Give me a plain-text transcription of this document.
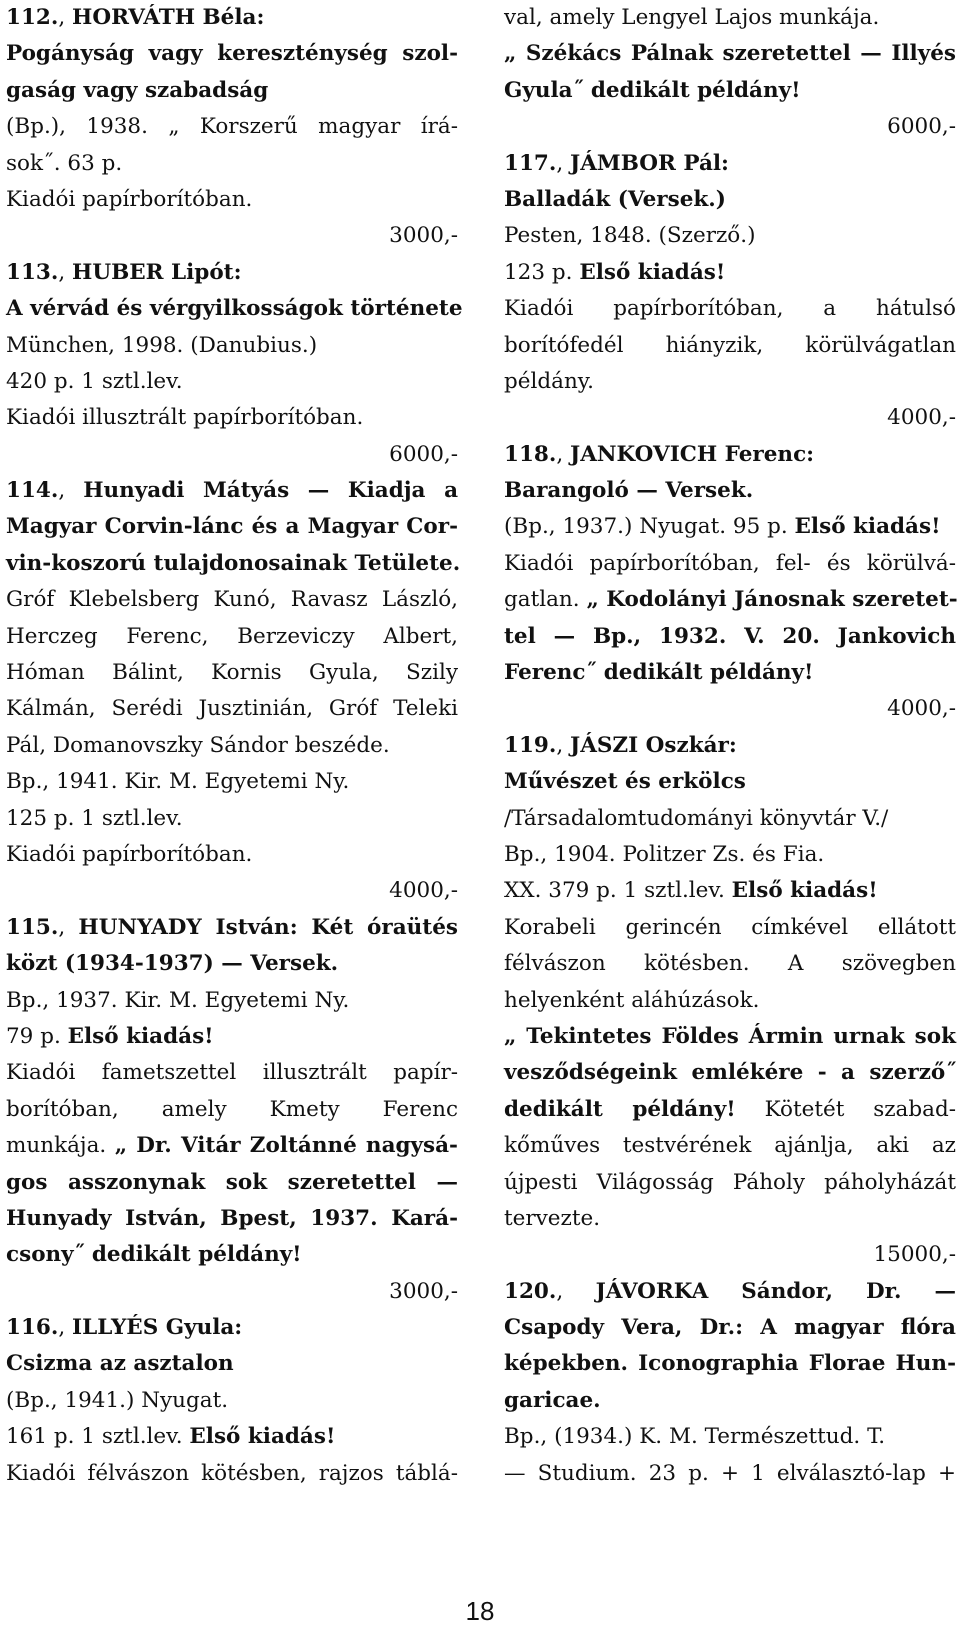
112., HORVÁTH Béla:
Pogányság vagy kereszténység szol-
gaság vagy szabadság
(Bp.), 1938. „ Korszerű magyar írá-
sok˝. 63 p.
Kiadói papírborítóban.
3000,-
113., HUBER Lipót:
A vérvád és vérgyilkosságok története
München, 1998. (Danubius.)
420 p. 1 sztl.lev.
Kiadói illusztrált papírborítóban.
6000,-
114., Hunyadi Mátyás — Kiadja a
Magyar Corvin-lánc és a Magyar Cor-
vin-koszorú tulajdonosainak Tetülete.
Gróf Klebelsberg Kunó, Ravasz László,
Herczeg Ferenc, Berzeviczy Albert,
Hóman Bálint, Kornis Gyula, Szily
Kálmán, Serédi Jusztinián, Gróf Teleki
Pál, Domanovszky Sándor beszéde.
Bp., 1941. Kir. M. Egyetemi Ny.
125 p. 1 sztl.lev.
Kiadói papírborítóban.
4000,-
115., HUNYADY István: Két óraütés
közt (1934-1937) — Versek.
Bp., 1937. Kir. M. Egyetemi Ny.
79 p. Első kiadás!
Kiadói fametszettel illusztrált papír-
borítóban, amely Kmety Ferenc
munkája. „ Dr. Vitár Zoltánné nagysá-
gos asszonynak sok szeretettel —
Hunyady István, Bpest, 1937. Kará-
csony˝ dedikált példány!
3000,-
116., ILLYÉS Gyula:
Csizma az asztalon
(Bp., 1941.) Nyugat.
161 p. 1 sztl.lev. Első kiadás!
Kiadói félvászon kötésben, rajzos táblá-
val, amely Lengyel Lajos munkája.
„ Székács Pálnak szeretettel — Illyés
Gyula˝ dedikált példány!
6000,-
117., JÁMBOR Pál:
Balladák (Versek.)
Pesten, 1848. (Szerző.)
123 p. Első kiadás!
Kiadói papírborítóban, a hátulsó
borítófedél hiányzik, körülvágatlan
példány.
4000,-
118., JANKOVICH Ferenc:
Barangoló — Versek.
(Bp., 1937.) Nyugat. 95 p. Első kiadás!
Kiadói papírborítóban, fel- és körülvá-
gatlan. „ Kodolányi Jánosnak szeretet-
tel — Bp., 1932. V. 20. Jankovich
Ferenc˝ dedikált példány!
4000,-
119., JÁSZI Oszkár:
Művészet és erkölcs
/Társadalomtudományi könyvtár V./
Bp., 1904. Politzer Zs. és Fia.
XX. 379 p. 1 sztl.lev. Első kiadás!
Korabeli gerincén címkével ellátott
félvászon kötésben. A szövegben
helyenként aláhúzások.
„ Tekintetes Földes Ármin urnak sok
vesződségeink emlékére - a szerző˝
dedikált példány! Kötetét szabad-
kőműves testvérének ajánlja, aki az
újpesti Világosság Páholy páholyházát
tervezte.
15000,-
120., JÁVORKA Sándor, Dr. —
Csapody Vera, Dr.: A magyar flóra
képekben. Iconographia Florae Hun-
garicae.
Bp., (1934.) K. M. Természettud. T.
— Studium. 23 p. + 1 elválasztó-lap +
18
